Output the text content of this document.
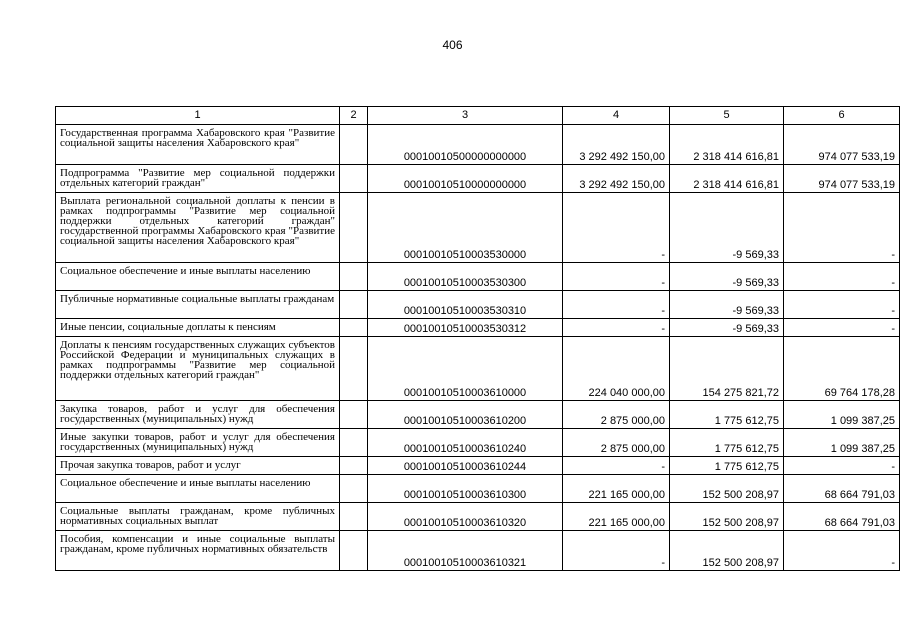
406
1	2	3	4	5	6
Государственная программа Хабаровского края "Развитие социальной защиты населения Хабаровского края"		00010010500000000000	3 292 492 150,00	2 318 414 616,81	974 077 533,19
Подпрограмма "Развитие мер социальной поддержки отдельных категорий граждан"		00010010510000000000	3 292 492 150,00	2 318 414 616,81	974 077 533,19
Выплата региональной социальной доплаты к пенсии в рамках подпрограммы "Развитие мер социальной поддержки отдельных категорий граждан" государственной программы Хабаровского края "Развитие социальной защиты населения Хабаровского края"		00010010510003530000	-	-9 569,33	-
Социальное обеспечение и иные выплаты населению		00010010510003530300	-	-9 569,33	-
Публичные нормативные социальные выплаты гражданам		00010010510003530310	-	-9 569,33	-
Иные пенсии, социальные доплаты к пенсиям		00010010510003530312	-	-9 569,33	-
Доплаты к пенсиям государственных служащих субъектов Российской Федерации и муниципальных служащих в рамках подпрограммы "Развитие мер социальной поддержки отдельных категорий граждан"		00010010510003610000	224 040 000,00	154 275 821,72	69 764 178,28
Закупка товаров, работ и услуг для обеспечения государственных (муниципальных) нужд		00010010510003610200	2 875 000,00	1 775 612,75	1 099 387,25
Иные закупки товаров, работ и услуг для обеспечения государственных (муниципальных) нужд		00010010510003610240	2 875 000,00	1 775 612,75	1 099 387,25
Прочая закупка товаров, работ и услуг		00010010510003610244	-	1 775 612,75	-
Социальное обеспечение и иные выплаты населению		00010010510003610300	221 165 000,00	152 500 208,97	68 664 791,03
Социальные выплаты гражданам, кроме публичных нормативных социальных выплат		00010010510003610320	221 165 000,00	152 500 208,97	68 664 791,03
Пособия, компенсации и иные социальные выплаты гражданам, кроме публичных нормативных обязательств		00010010510003610321	-	152 500 208,97	-
